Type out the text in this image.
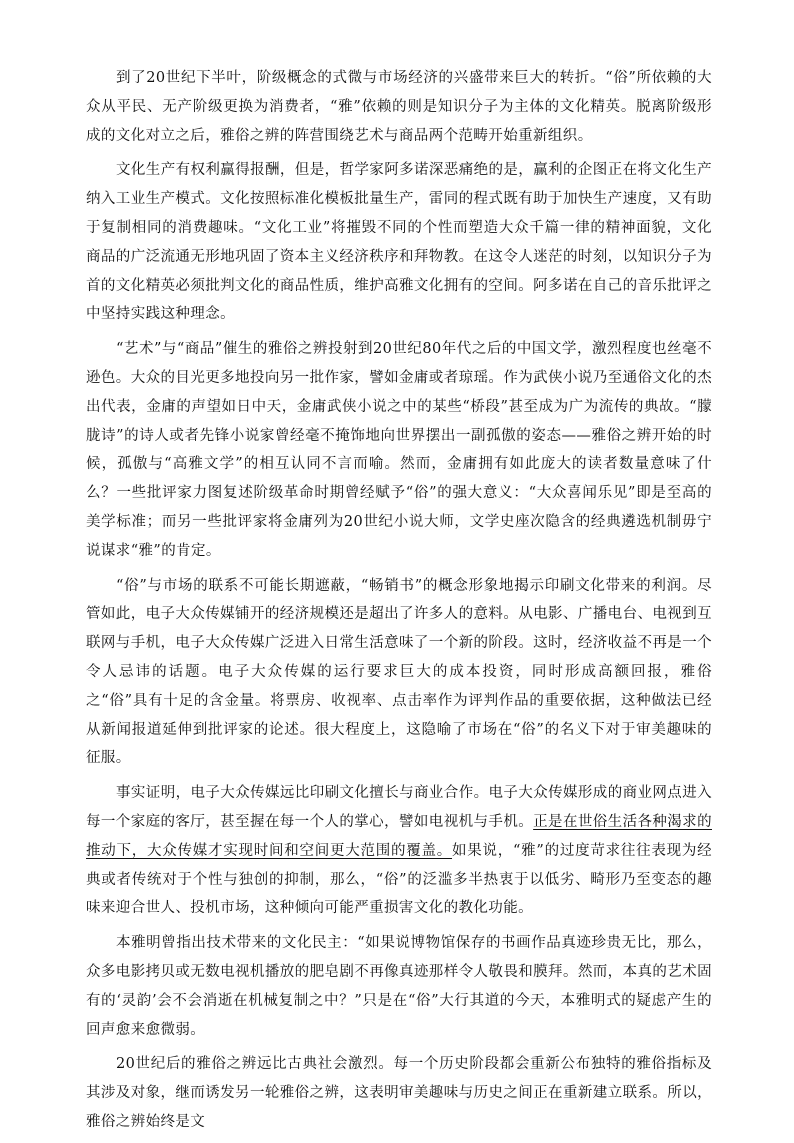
到了20世纪下半叶，阶级概念的式微与市场经济的兴盛带来巨大的转折。“俗”所依赖的大众从平民、无产阶级更换为消费者，“雅”依赖的则是知识分子为主体的文化精英。脱离阶级形成的文化对立之后，雅俗之辨的阵营围绕艺术与商品两个范畴开始重新组织。

文化生产有权利赢得报酬，但是，哲学家阿多诺深恶痛绝的是，赢利的企图正在将文化生产纳入工业生产模式。文化按照标准化模板批量生产，雷同的程式既有助于加快生产速度，又有助于复制相同的消费趣味。“文化工业”将摧毁不同的个性而塑造大众千篇一律的精神面貌，文化商品的广泛流通无形地巩固了资本主义经济秩序和拜物教。在这令人迷茫的时刻，以知识分子为首的文化精英必须批判文化的商品性质，维护高雅文化拥有的空间。阿多诺在自己的音乐批评之中坚持实践这种理念。

“艺术”与“商品”催生的雅俗之辨投射到20世纪80年代之后的中国文学，激烈程度也丝毫不逊色。大众的目光更多地投向另一批作家，譬如金庸或者琼瑶。作为武侠小说乃至通俗文化的杰出代表，金庸的声望如日中天，金庸武侠小说之中的某些“桥段”甚至成为广为流传的典故。“朦胧诗”的诗人或者先锋小说家曾经毫不掩饰地向世界摆出一副孤傲的姿态——雅俗之辨开始的时候，孤傲与“高雅文学”的相互认同不言而喻。然而，金庸拥有如此庞大的读者数量意味了什么？一些批评家力图复述阶级革命时期曾经赋予“俗”的强大意义：“大众喜闻乐见”即是至高的美学标准；而另一些批评家将金庸列为20世纪小说大师，文学史座次隐含的经典遴选机制毋宁说谋求“雅”的肯定。

“俗”与市场的联系不可能长期遮蔽，“畅销书”的概念形象地揭示印刷文化带来的利润。尽管如此，电子大众传媒铺开的经济规模还是超出了许多人的意料。从电影、广播电台、电视到互联网与手机，电子大众传媒广泛进入日常生活意味了一个新的阶段。这时，经济收益不再是一个令人忌讳的话题。电子大众传媒的运行要求巨大的成本投资，同时形成高额回报，雅俗之“俗”具有十足的含金量。将票房、收视率、点击率作为评判作品的重要依据，这种做法已经从新闻报道延伸到批评家的论述。很大程度上，这隐喻了市场在“俗”的名义下对于审美趣味的征服。

事实证明，电子大众传媒远比印刷文化擅长与商业合作。电子大众传媒形成的商业网点进入每一个家庭的客厅，甚至握在每一个人的掌心，譬如电视机与手机。正是在世俗生活各种渴求的推动下，大众传媒才实现时间和空间更大范围的覆盖。如果说，“雅”的过度苛求往往表现为经典或者传统对于个性与独创的抑制，那么，“俗”的泛滥多半热衷于以低劣、畸形乃至变态的趣味来迎合世人、投机市场，这种倾向可能严重损害文化的教化功能。

本雅明曾指出技术带来的文化民主：“如果说博物馆保存的书画作品真迹珍贵无比，那么，众多电影拷贝或无数电视机播放的肥皂剧不再像真迹那样令人敬畏和膜拜。然而，本真的艺术固有的‘灵韵’会不会消逝在机械复制之中？”只是在“俗”大行其道的今天，本雅明式的疑虑产生的回声愈来愈微弱。

20世纪后的雅俗之辨远比古典社会激烈。每一个历史阶段都会重新公布独特的雅俗指标及其涉及对象，继而诱发另一轮雅俗之辨，这表明审美趣味与历史之间正在重新建立联系。所以，雅俗之辨始终是文
